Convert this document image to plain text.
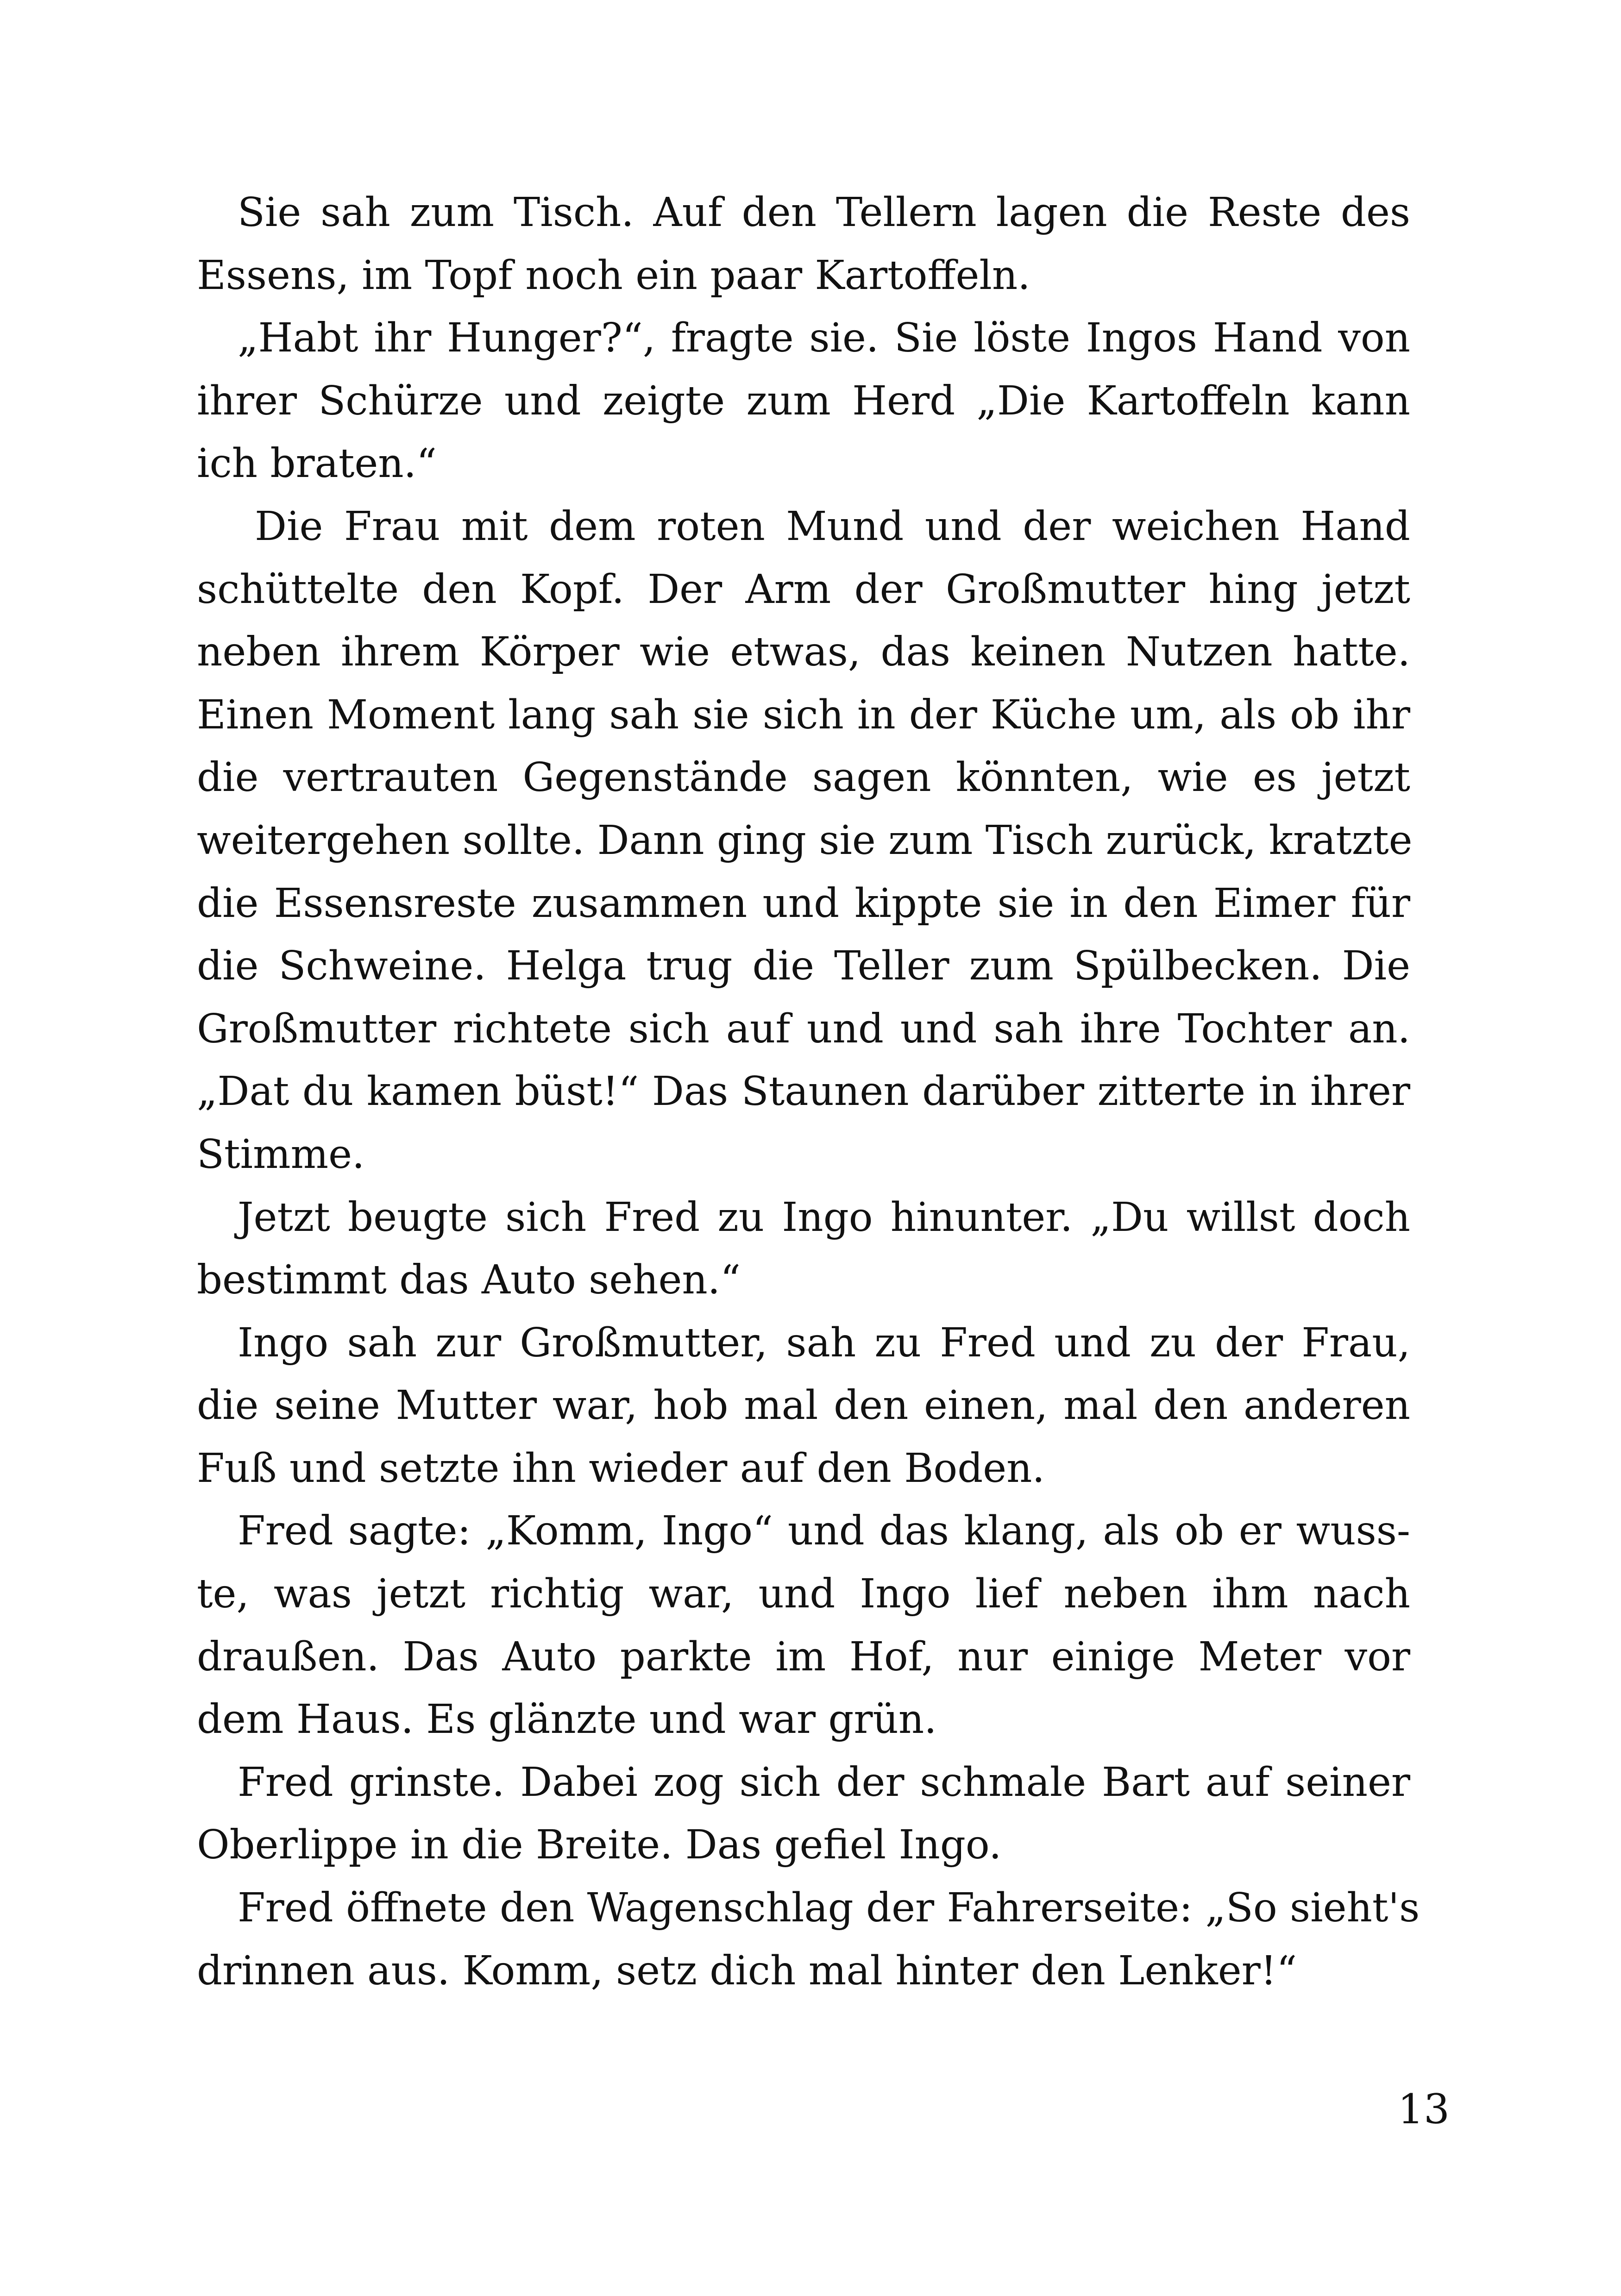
Sie sah zum Tisch. Auf den Tellern lagen die Reste des
Essens, im Topf noch ein paar Kartoffeln.
„Habt ihr Hunger?“, fragte sie. Sie löste Ingos Hand von
ihrer Schürze und zeigte zum Herd „Die Kartoffeln kann
ich braten.“
Die Frau mit dem roten Mund und der weichen Hand
schüttelte den Kopf. Der Arm der Großmutter hing jetzt
neben ihrem Körper wie etwas, das keinen Nutzen hatte.
Einen Moment lang sah sie sich in der Küche um, als ob ihr
die vertrauten Gegenstände sagen könnten, wie es jetzt
weitergehen sollte. Dann ging sie zum Tisch zurück, kratzte
die Essensreste zusammen und kippte sie in den Eimer für
die Schweine. Helga trug die Teller zum Spülbecken. Die
Großmutter richtete sich auf und und sah ihre Tochter an.
„Dat du kamen büst!“ Das Staunen darüber zitterte in ihrer
Stimme.
Jetzt beugte sich Fred zu Ingo hinunter. „Du willst doch
bestimmt das Auto sehen.“
Ingo sah zur Großmutter, sah zu Fred und zu der Frau,
die seine Mutter war, hob mal den einen, mal den anderen
Fuß und setzte ihn wieder auf den Boden.
Fred sagte: „Komm, Ingo“ und das klang, als ob er wuss-
te, was jetzt richtig war, und Ingo lief neben ihm nach
draußen. Das Auto parkte im Hof, nur einige Meter vor
dem Haus. Es glänzte und war grün.
Fred grinste. Dabei zog sich der schmale Bart auf seiner
Oberlippe in die Breite. Das gefiel Ingo.
Fred öffnete den Wagenschlag der Fahrerseite: „So sieht's
drinnen aus. Komm, setz dich mal hinter den Lenker!“
13
